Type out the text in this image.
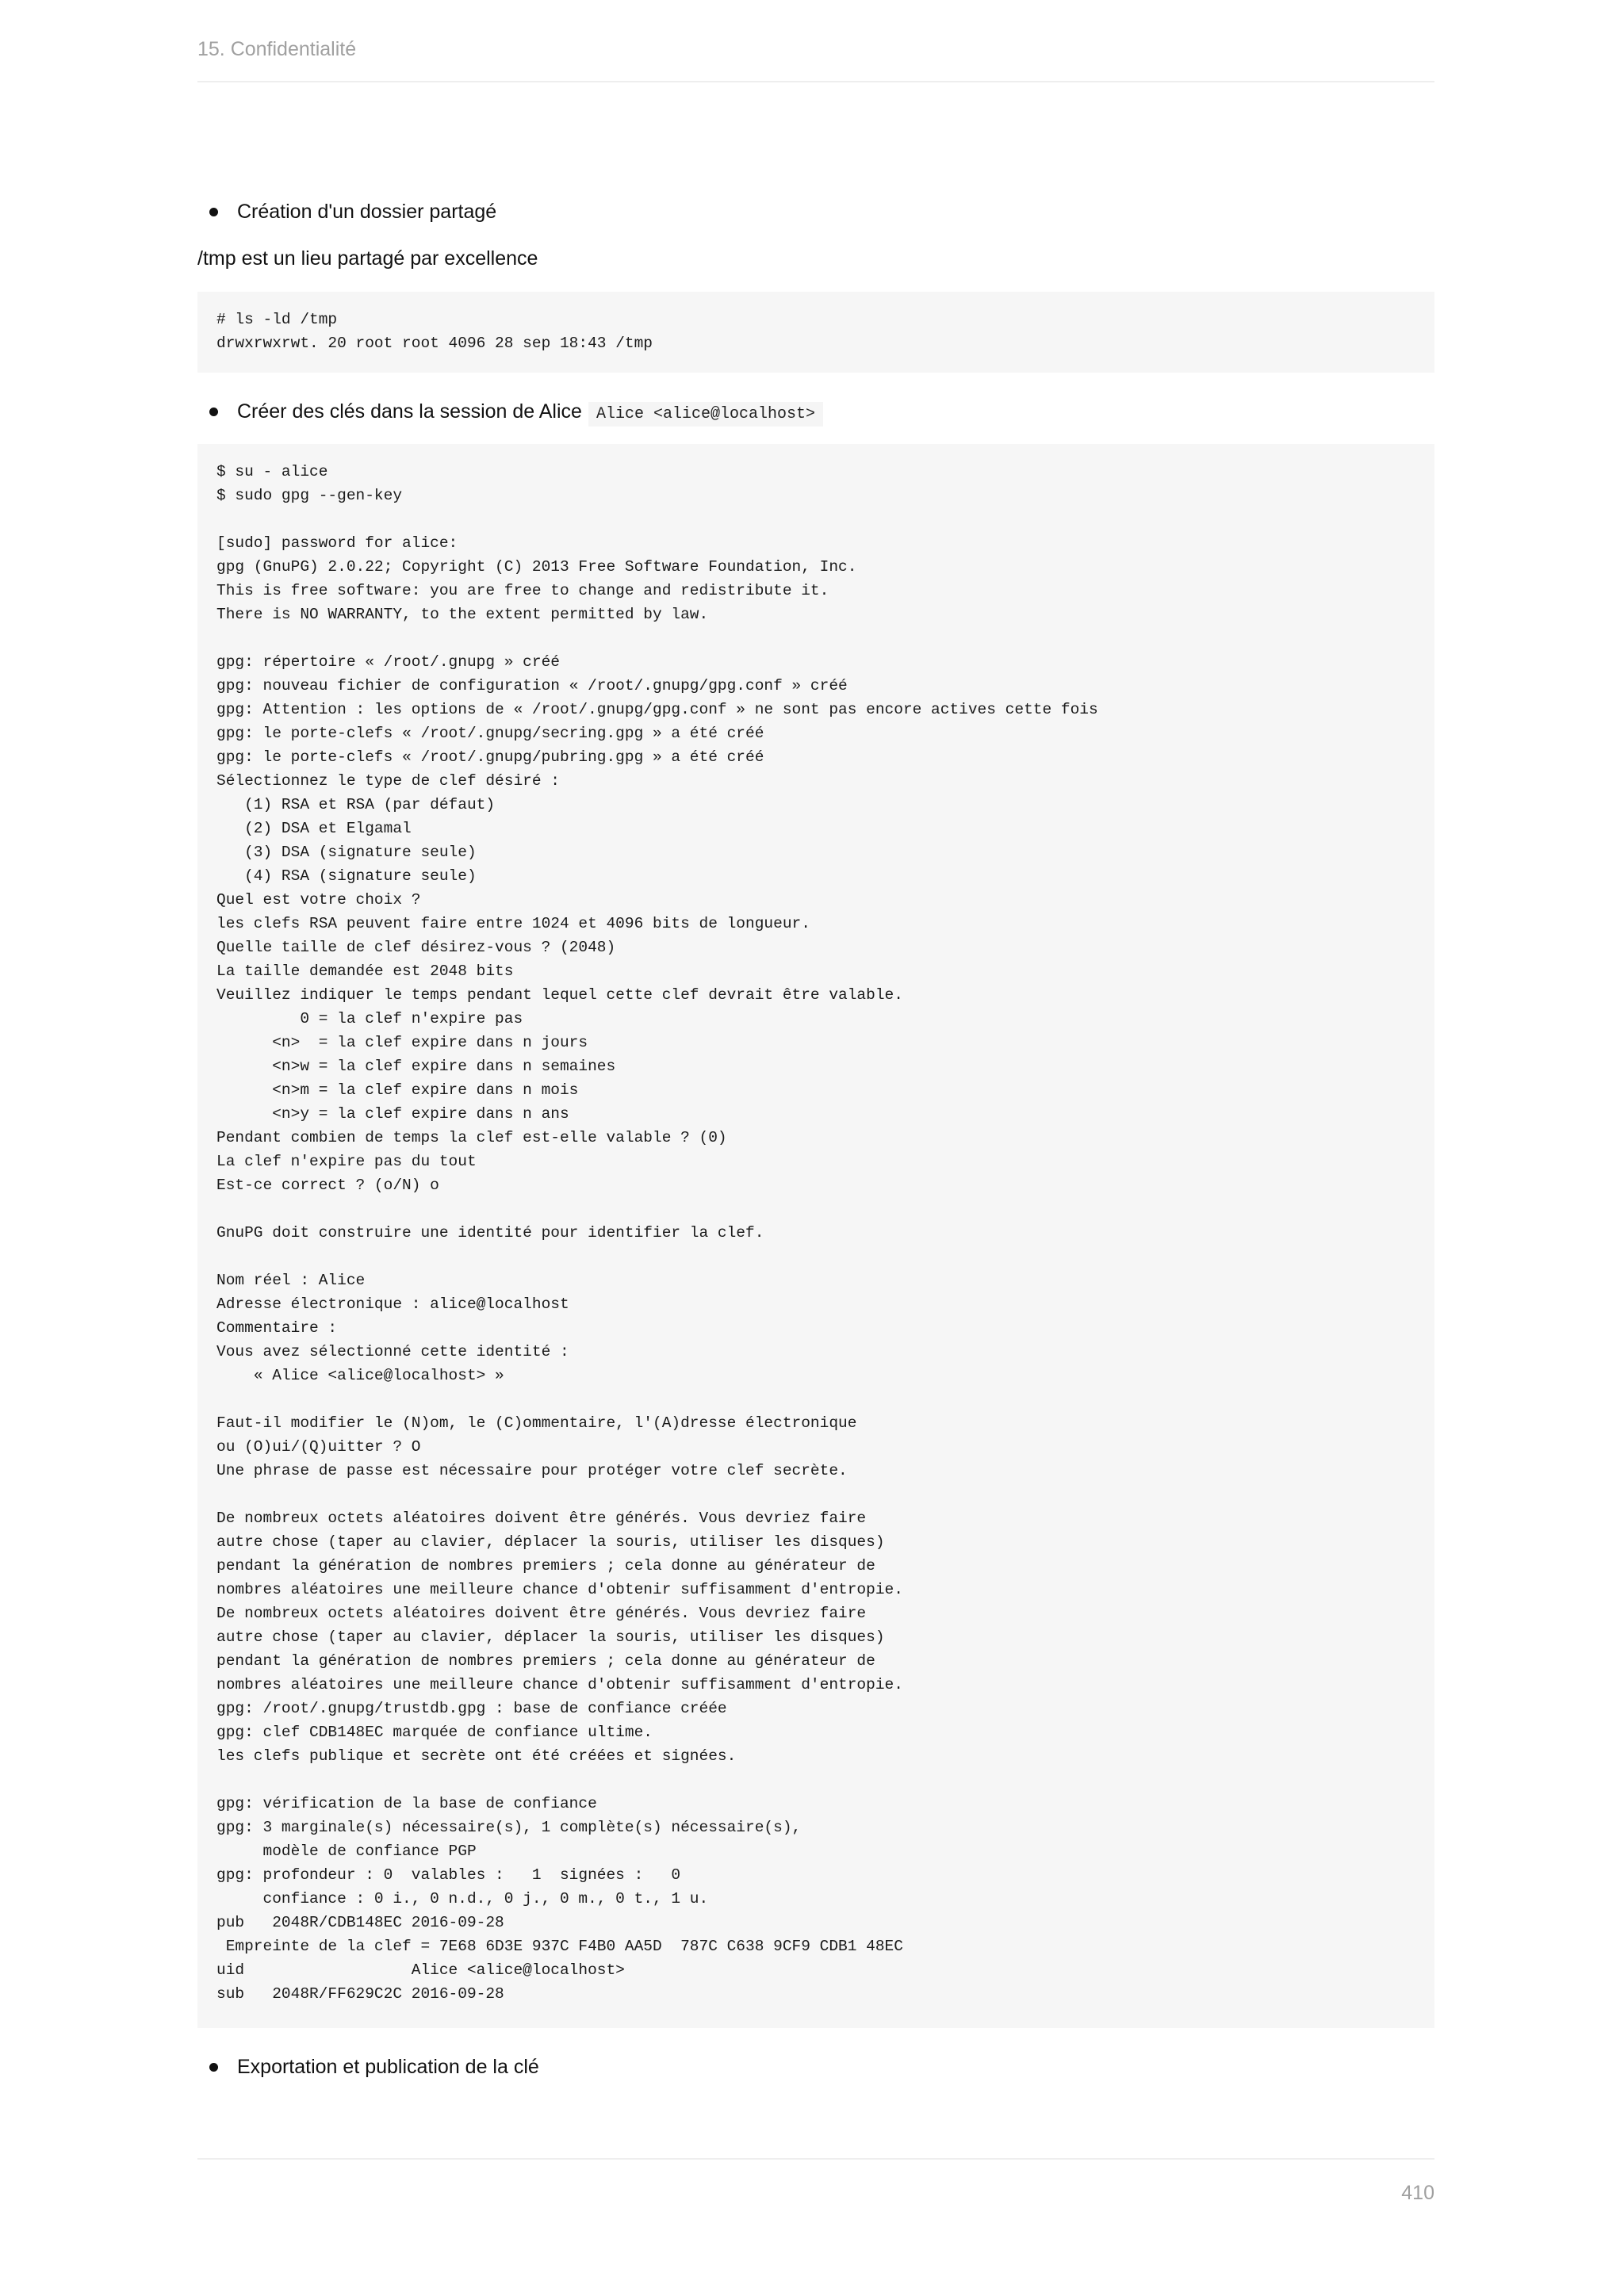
15. Confidentialité
Création d'un dossier partagé
/tmp est un lieu partagé par excellence
# ls -ld /tmp
drwxrwxrwt. 20 root root 4096 28 sep 18:43 /tmp
Créer des clés dans la session de Alice Alice <alice@localhost>
$ su - alice
$ sudo gpg --gen-key

[sudo] password for alice:
gpg (GnuPG) 2.0.22; Copyright (C) 2013 Free Software Foundation, Inc.
This is free software: you are free to change and redistribute it.
There is NO WARRANTY, to the extent permitted by law.

gpg: répertoire « /root/.gnupg » créé
gpg: nouveau fichier de configuration « /root/.gnupg/gpg.conf » créé
gpg: Attention : les options de « /root/.gnupg/gpg.conf » ne sont pas encore actives cette fois
gpg: le porte-clefs « /root/.gnupg/secring.gpg » a été créé
gpg: le porte-clefs « /root/.gnupg/pubring.gpg » a été créé
Sélectionnez le type de clef désiré :
(1) RSA et RSA (par défaut)
(2) DSA et Elgamal
(3) DSA (signature seule)
(4) RSA (signature seule)
Quel est votre choix ?
les clefs RSA peuvent faire entre 1024 et 4096 bits de longueur.
Quelle taille de clef désirez-vous ? (2048)
La taille demandée est 2048 bits
Veuillez indiquer le temps pendant lequel cette clef devrait être valable.
0 = la clef n'expire pas
<n>  = la clef expire dans n jours
<n>w = la clef expire dans n semaines
<n>m = la clef expire dans n mois
<n>y = la clef expire dans n ans
Pendant combien de temps la clef est-elle valable ? (0)
La clef n'expire pas du tout
Est-ce correct ? (o/N) o

GnuPG doit construire une identité pour identifier la clef.

Nom réel : Alice
Adresse électronique : alice@localhost
Commentaire :
Vous avez sélectionné cette identité :
« Alice <alice@localhost> »

Faut-il modifier le (N)om, le (C)ommentaire, l'(A)dresse électronique
ou (O)ui/(Q)uitter ? O
Une phrase de passe est nécessaire pour protéger votre clef secrète.

De nombreux octets aléatoires doivent être générés. Vous devriez faire
autre chose (taper au clavier, déplacer la souris, utiliser les disques)
pendant la génération de nombres premiers ; cela donne au générateur de
nombres aléatoires une meilleure chance d'obtenir suffisamment d'entropie.
De nombreux octets aléatoires doivent être générés. Vous devriez faire
autre chose (taper au clavier, déplacer la souris, utiliser les disques)
pendant la génération de nombres premiers ; cela donne au générateur de
nombres aléatoires une meilleure chance d'obtenir suffisamment d'entropie.
gpg: /root/.gnupg/trustdb.gpg : base de confiance créée
gpg: clef CDB148EC marquée de confiance ultime.
les clefs publique et secrète ont été créées et signées.

gpg: vérification de la base de confiance
gpg: 3 marginale(s) nécessaire(s), 1 complète(s) nécessaire(s),
modèle de confiance PGP
gpg: profondeur : 0  valables :   1  signées :   0
confiance : 0 i., 0 n.d., 0 j., 0 m., 0 t., 1 u.
pub   2048R/CDB148EC 2016-09-28
Empreinte de la clef = 7E68 6D3E 937C F4B0 AA5D  787C C638 9CF9 CDB1 48EC
uid                  Alice <alice@localhost>
sub   2048R/FF629C2C 2016-09-28
Exportation et publication de la clé
410
